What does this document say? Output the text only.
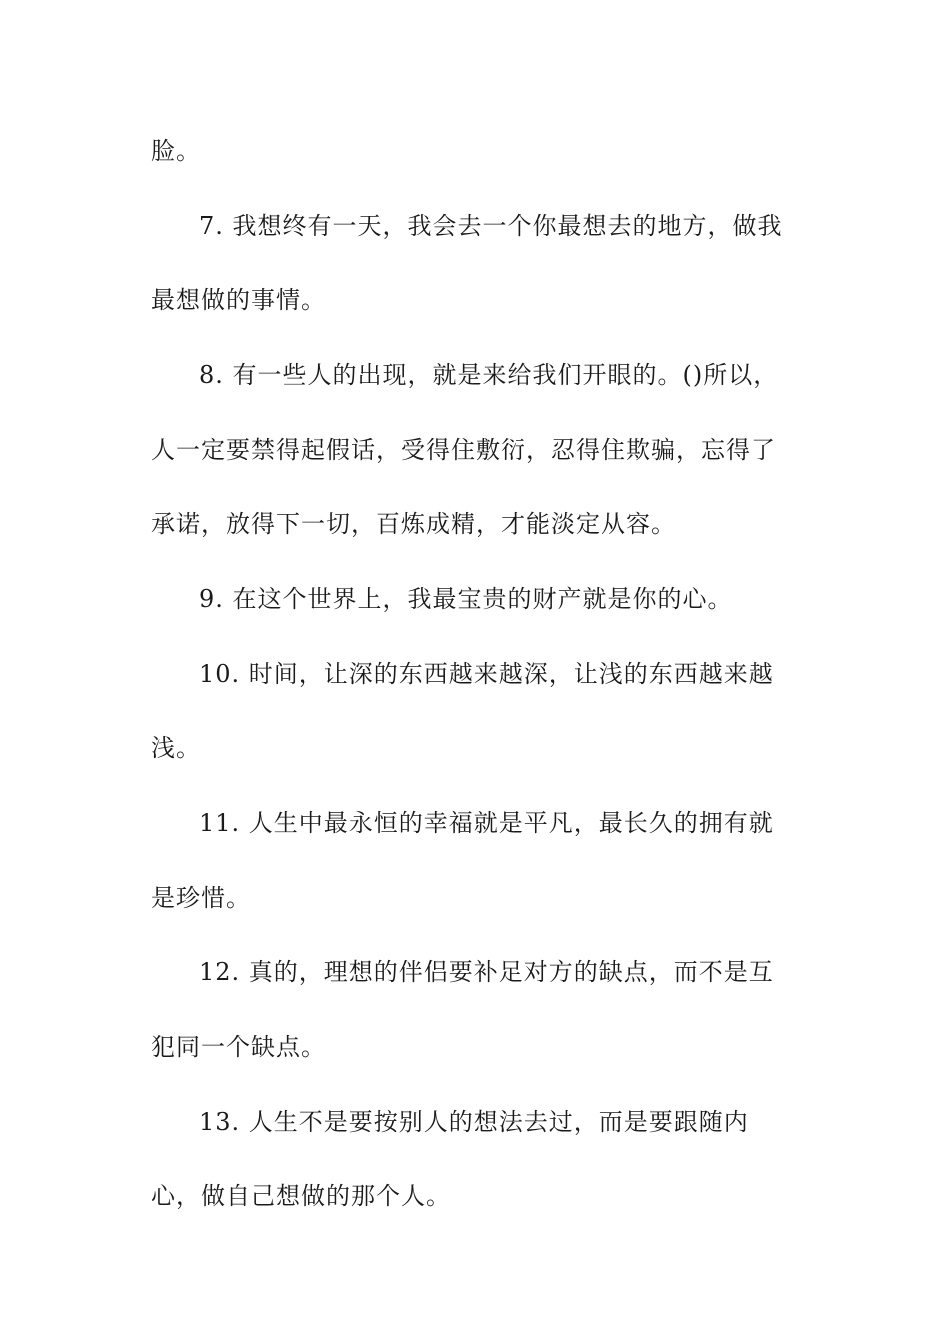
脸。
7. 我想终有一天，我会去一个你最想去的地方，做我
最想做的事情。
8. 有一些人的出现，就是来给我们开眼的。()所以，
人一定要禁得起假话，受得住敷衍，忍得住欺骗，忘得了
承诺，放得下一切，百炼成精，才能淡定从容。
9. 在这个世界上，我最宝贵的财产就是你的心。
10. 时间，让深的东西越来越深，让浅的东西越来越
浅。
11. 人生中最永恒的幸福就是平凡，最长久的拥有就
是珍惜。
12. 真的，理想的伴侣要补足对方的缺点，而不是互
犯同一个缺点。
13. 人生不是要按别人的想法去过，而是要跟随内
心，做自己想做的那个人。
